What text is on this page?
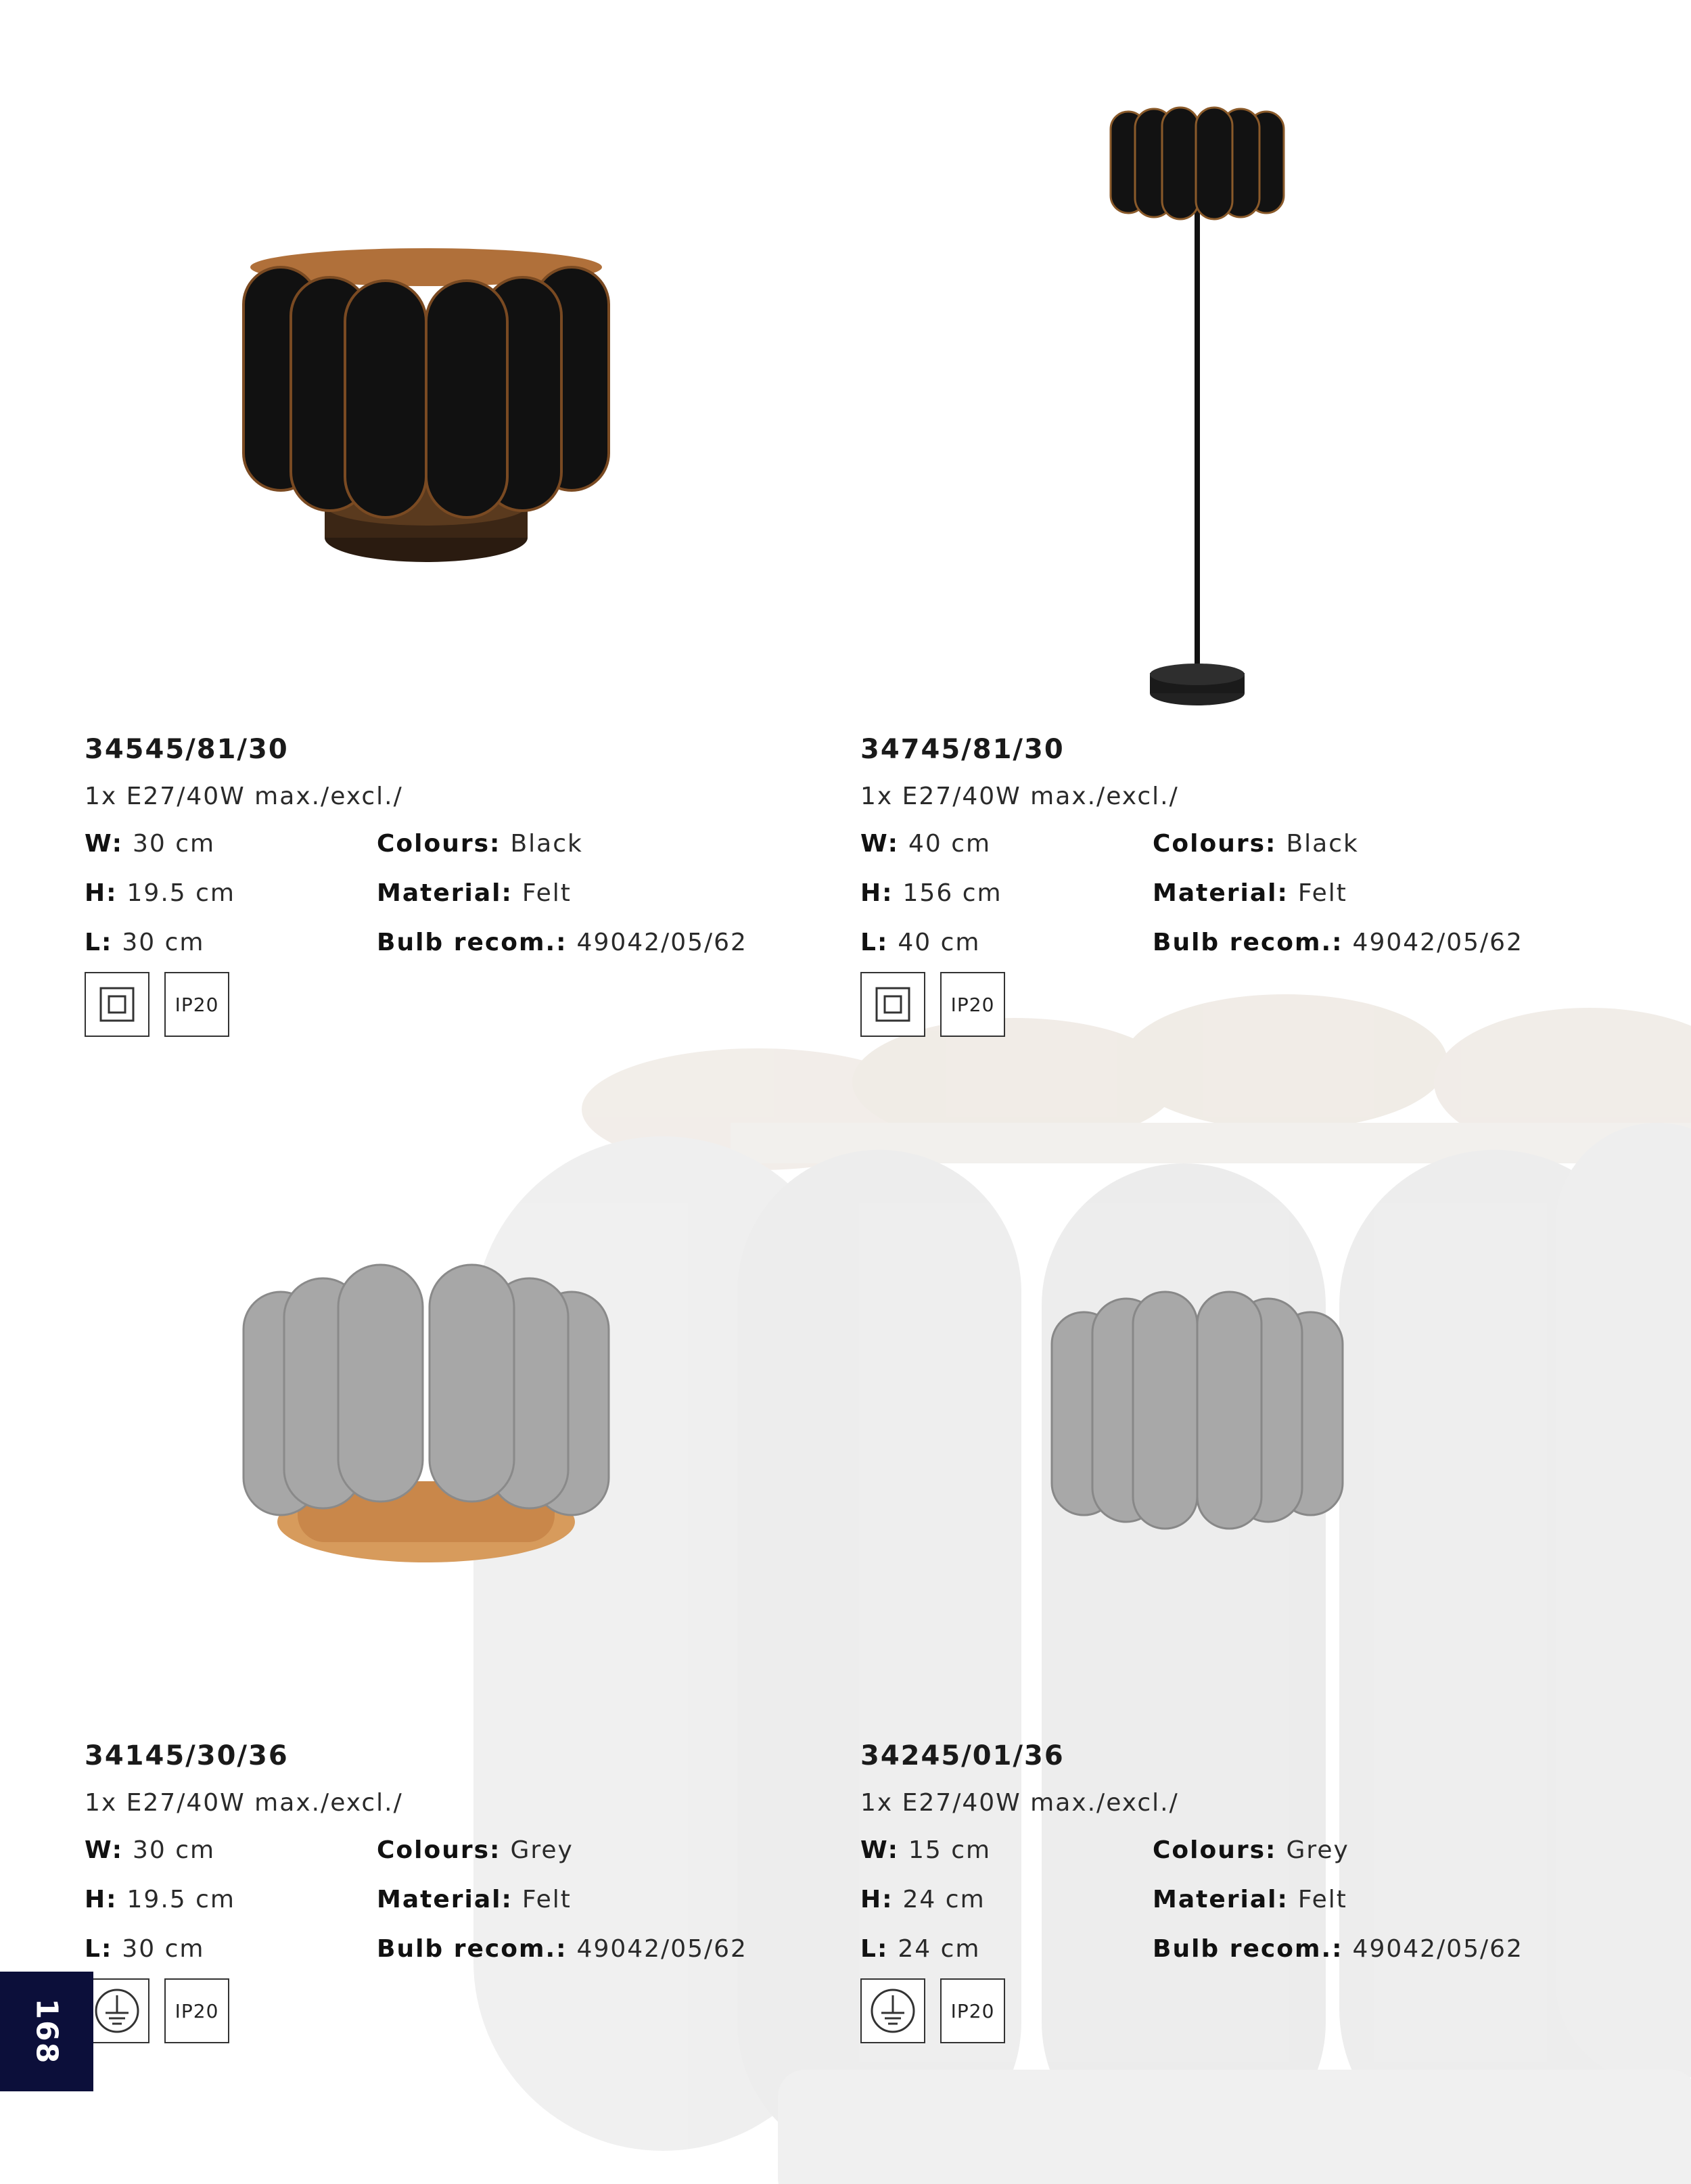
34545/81/30
1x E27/40W max./excl./
W: 30 cm
H: 19.5 cm
L: 30 cm
Colours: Black
Material: Felt
Bulb recom.: 49042/05/62
IP20
34745/81/30
1x E27/40W max./excl./
W: 40 cm
H: 156 cm
L: 40 cm
Colours: Black
Material: Felt
Bulb recom.: 49042/05/62
IP20
34145/30/36
1x E27/40W max./excl./
W: 30 cm
H: 19.5 cm
L: 30 cm
Colours: Grey
Material: Felt
Bulb recom.: 49042/05/62
IP20
34245/01/36
1x E27/40W max./excl./
W: 15 cm
H: 24 cm
L: 24 cm
Colours: Grey
Material: Felt
Bulb recom.: 49042/05/62
IP20
168
